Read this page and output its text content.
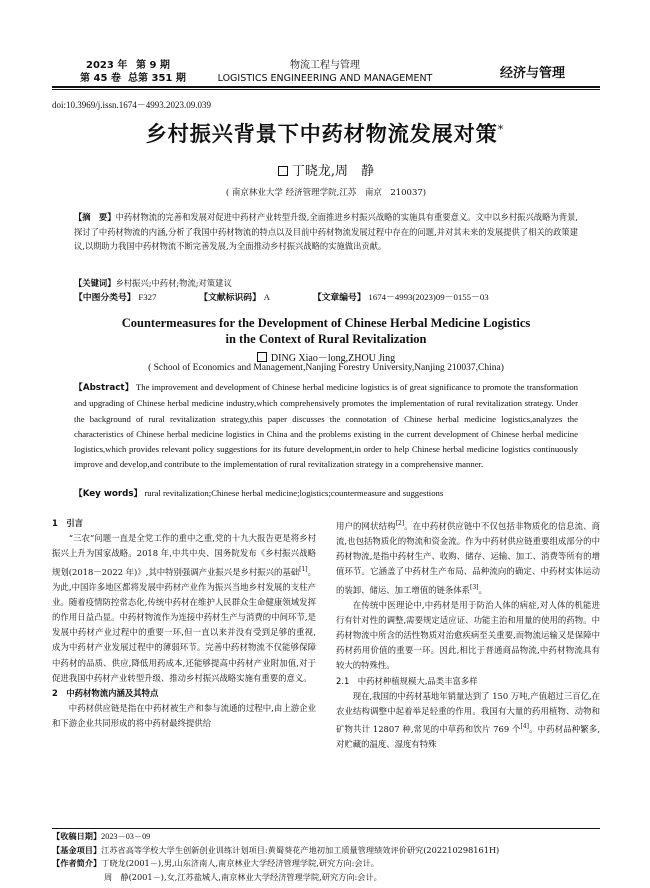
2023 年 第 9 期
第 45 卷 总第 351 期
物流工程与管理
LOGISTICS ENGINEERING AND MANAGEMENT	经济与管理
doi:10.3969/j.issn.1674－4993.2023.09.039
乡村振兴背景下中药材物流发展对策*
丁晓龙,周　静
( 南京林业大学 经济管理学院,江苏　南京　210037)
【摘　要】中药材物流的完善和发展对促进中药材产业转型升级,全面推进乡村振兴战略的实施具有重要意义。文中以乡村振兴战略为背景,探讨了中药材物流的内涵,分析了我国中药材物流的特点以及目前中药材物流发展过程中存在的问题,并对其未来的发展提供了相关的政策建议,以期助力我国中药材物流不断完善发展,为全面推动乡村振兴战略的实施做出贡献。
【关键词】乡村振兴;中药材;物流;对策建议
【中图分类号】 F327	【文献标识码】 A	【文章编号】 1674－4993(2023)09－0155－03
Countermeasures for the Development of Chinese Herbal Medicine Logistics
in the Context of Rural Revitalization
DING Xiao－long,ZHOU Jing
( School of Economics and Management,Nanjing Forestry University,Nanjing 210037,China)
【Abstract】 The improvement and development of Chinese herbal medicine logistics is of great significance to promote the transformation and upgrading of Chinese herbal medicine industry,which comprehensively promotes the implementation of rural revitalization strategy. Under the background of rural revitalization strategy,this paper discusses the connotation of Chinese herbal medicine logistics,analyzes the characteristics of Chinese herbal medicine logistics in China and the problems existing in the current development of Chinese herbal medicine logistics,which provides relevant policy suggestions for its future development,in order to help Chinese herbal medicine logistics continuously improve and develop,and contribute to the implementation of rural revitalization strategy in a comprehensive manner.
【Key words】 rural revitalization;Chinese herbal medicine;logistics;countermeasure and suggestions

1　引言

“三农”问题一直是全党工作的重中之重,党的十九大报告更是将乡村振兴上升为国家战略。2018 年,中共中央、国务院发布《乡村振兴战略规划(2018－2022 年)》,其中特别强调产业振兴是乡村振兴的基础[1]。为此,中国许多地区都将发展中药材产业作为振兴当地乡村发展的支柱产业。随着疫情防控常态化,传统中药材在维护人民群众生命健康领域发挥的作用日益凸显。中药材物流作为连接中药材生产与消费的中间环节,是发展中药材产业过程中的重要一环,但一直以来并没有受到足够的重视,成为中药材产业发展过程中的薄弱环节。完善中药材物流不仅能够保障中药材的品质、供应,降低用药成本,还能够提高中药材产业附加值,对于促进我国中药材产业转型升级、推动乡村振兴战略实施有重要的意义。

2　中药材物流内涵及其特点

中药材供应链是指在中药材被生产和参与流通的过程中,由上游企业和下游企业共同形成的将中药材最终提供给

用户的网状结构[2]。在中药材供应链中不仅包括非物质化的信息流、商流,也包括物质化的物流和资金流。作为中药材供应链重要组成部分的中药材物流,是指中药材生产、收购、储存、运输、加工、消费等所有的增值环节。它涵盖了中药材生产布局、品种流向的确定、中药材实体运动的装卸、储运、加工增值的链条体系[3]。

在传统中医理论中,中药材是用于防治人体的病症,对人体的机能进行有针对性的调整,需要规定适应证、功能主治和用量的使用的药物。中药材物流中所含的活性物质对治愈疾病至关重要,而物流运输又是保障中药材药用价值的重要一环。因此,相比于普通商品物流,中药材物流具有较大的特殊性。

2.1　中药材种植规模大,品类丰富多样

现在,我国的中药材基地年销量达到了 150 万吨,产值超过三百亿,在农业结构调整中起着举足轻重的作用。我国有大量的药用植物、动物和矿物共计 12807 种,常见的中草药和饮片 769 个[4]。中药材品种繁多,对贮藏的温度、湿度有特殊

【收稿日期】2023－03－09
【基金项目】江苏省高等学校大学生创新创业训练计划项目:黄蜀葵花产地初加工质量管理绩效评价研究(202210298161H)
【作者简介】丁晓龙(2001－),男,山东济南人,南京林业大学经济管理学院,研究方向:会计。
周　静(2001－),女,江苏盐城人,南京林业大学经济管理学院,研究方向:会计。
